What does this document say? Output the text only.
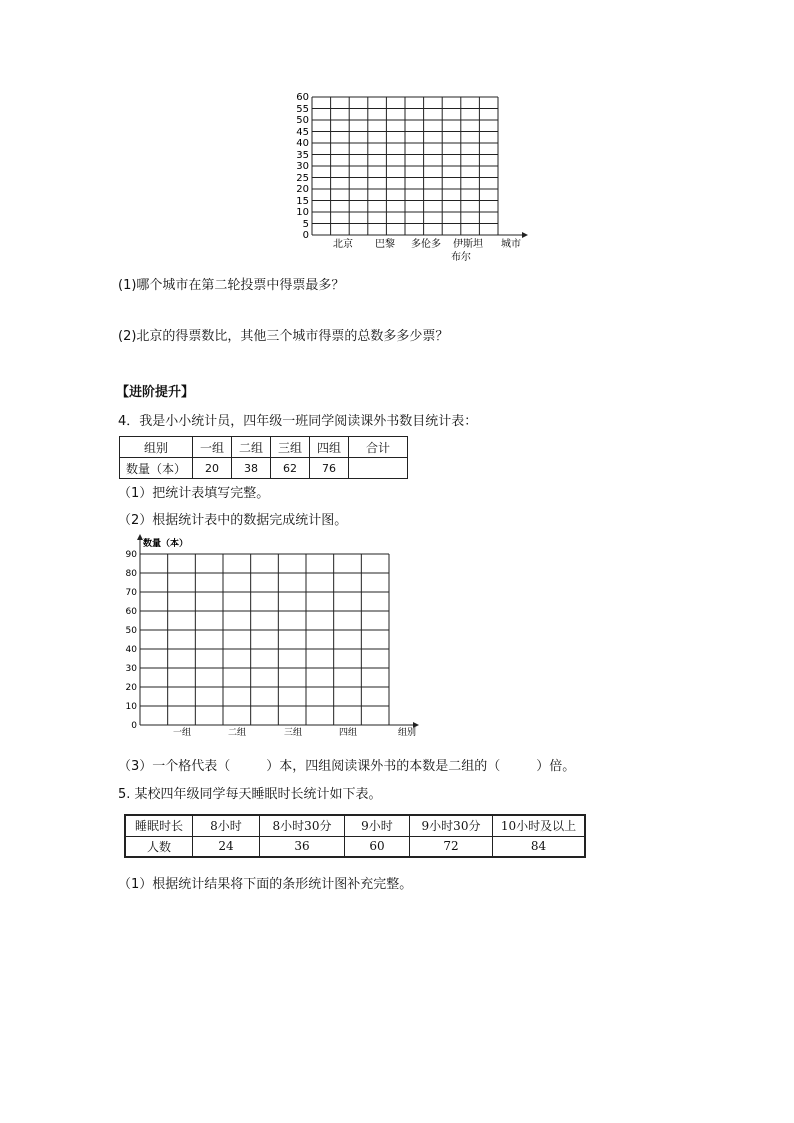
60
55
50
45
40
35
30
25
20
15
10
5
0
北京 巴黎 多伦多 伊斯坦
布尔
城市
(1)哪个城市在第二轮投票中得票最多？
(2)北京的得票数比，其他三个城市得票的总数多多少票？
【进阶提升】
4．我是小小统计员，四年级一班同学阅读课外书数目统计表：
组别	一组	二组	三组	四组	合计
数量（本）	20	38	62	76	
（1）把统计表填写完整。
（2）根据统计表中的数据完成统计图。
数量（本）
90
80
70
60
50
40
30
20
10
0
一组	二组	三组	四组	组别
（3）一个格代表（	）本，四组阅读课外书的本数是二组的（	）倍。
5. 某校四年级同学每天睡眠时长统计如下表。
睡眠时长	8小时	8小时30分	9小时	9小时30分	10小时及以上
人数	24	36	60	72	84
（1）根据统计结果将下面的条形统计图补充完整。
